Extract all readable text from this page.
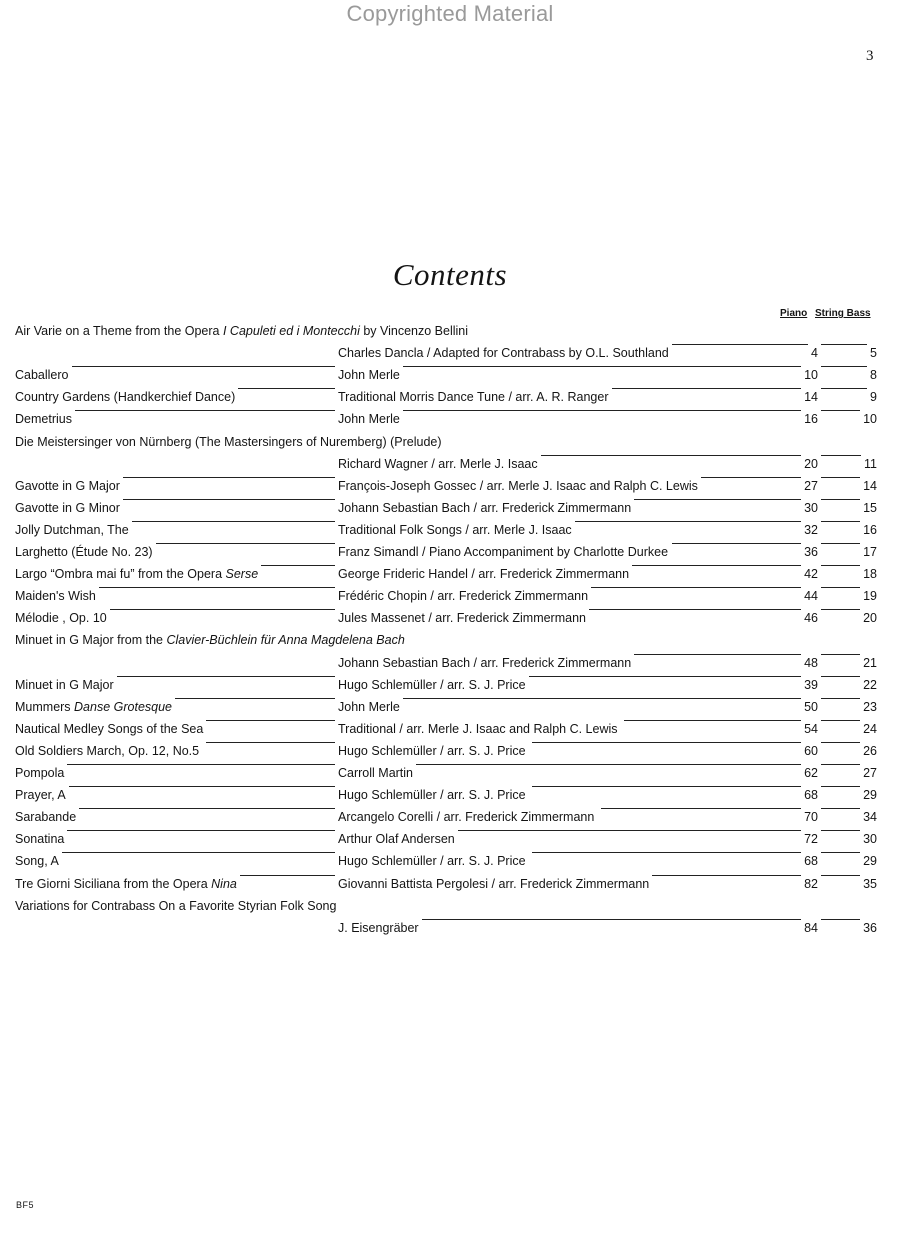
Copyrighted Material
3
Contents
Piano String Bass
Air Varie on a Theme from the Opera I Capuleti ed i Montecchi by Vincenzo Bellini
Charles Dancla / Adapted for Contrabass by O.L. Southland	4	5
Caballero	John Merle	10	8
Country Gardens (Handkerchief Dance)	Traditional Morris Dance Tune / arr. A. R. Ranger	14	9
Demetrius	John Merle	16	10
Die Meistersinger von Nürnberg (The Mastersingers of Nuremberg) (Prelude)
Richard Wagner / arr. Merle J. Isaac	20	11
Gavotte in G Major	François-Joseph Gossec / arr. Merle J. Isaac and Ralph C. Lewis	27	14
Gavotte in G Minor	Johann Sebastian Bach / arr. Frederick Zimmermann	30	15
Jolly Dutchman, The	Traditional Folk Songs / arr. Merle J. Isaac	32	16
Larghetto (Étude No. 23)	Franz Simandl / Piano Accompaniment by Charlotte Durkee	36	17
Largo “Ombra mai fu” from the Opera Serse	George Frideric Handel / arr. Frederick Zimmermann	42	18
Maiden's Wish	Frédéric Chopin / arr. Frederick Zimmermann	44	19
Mélodie , Op. 10	Jules Massenet / arr. Frederick Zimmermann	46	20
Minuet in G Major from the Clavier-Büchlein für Anna Magdelena Bach
Johann Sebastian Bach / arr. Frederick Zimmermann	48	21
Minuet in G Major	Hugo Schlemüller / arr. S. J. Price	39	22
Mummers Danse Grotesque	John Merle	50	23
Nautical Medley Songs of the Sea	Traditional / arr. Merle J. Isaac and Ralph C. Lewis	54	24
Old Soldiers March, Op. 12, No.5	Hugo Schlemüller / arr. S. J. Price	60	26
Pompola	Carroll Martin	62	27
Prayer, A	Hugo Schlemüller / arr. S. J. Price	68	29
Sarabande	Arcangelo Corelli / arr. Frederick Zimmermann	70	34
Sonatina	Arthur Olaf Andersen	72	30
Song, A	Hugo Schlemüller / arr. S. J. Price	68	29
Tre Giorni Siciliana from the Opera Nina	Giovanni Battista Pergolesi / arr. Frederick Zimmermann	82	35
Variations for Contrabass On a Favorite Styrian Folk Song
J. Eisengräber	84	36
BF5
